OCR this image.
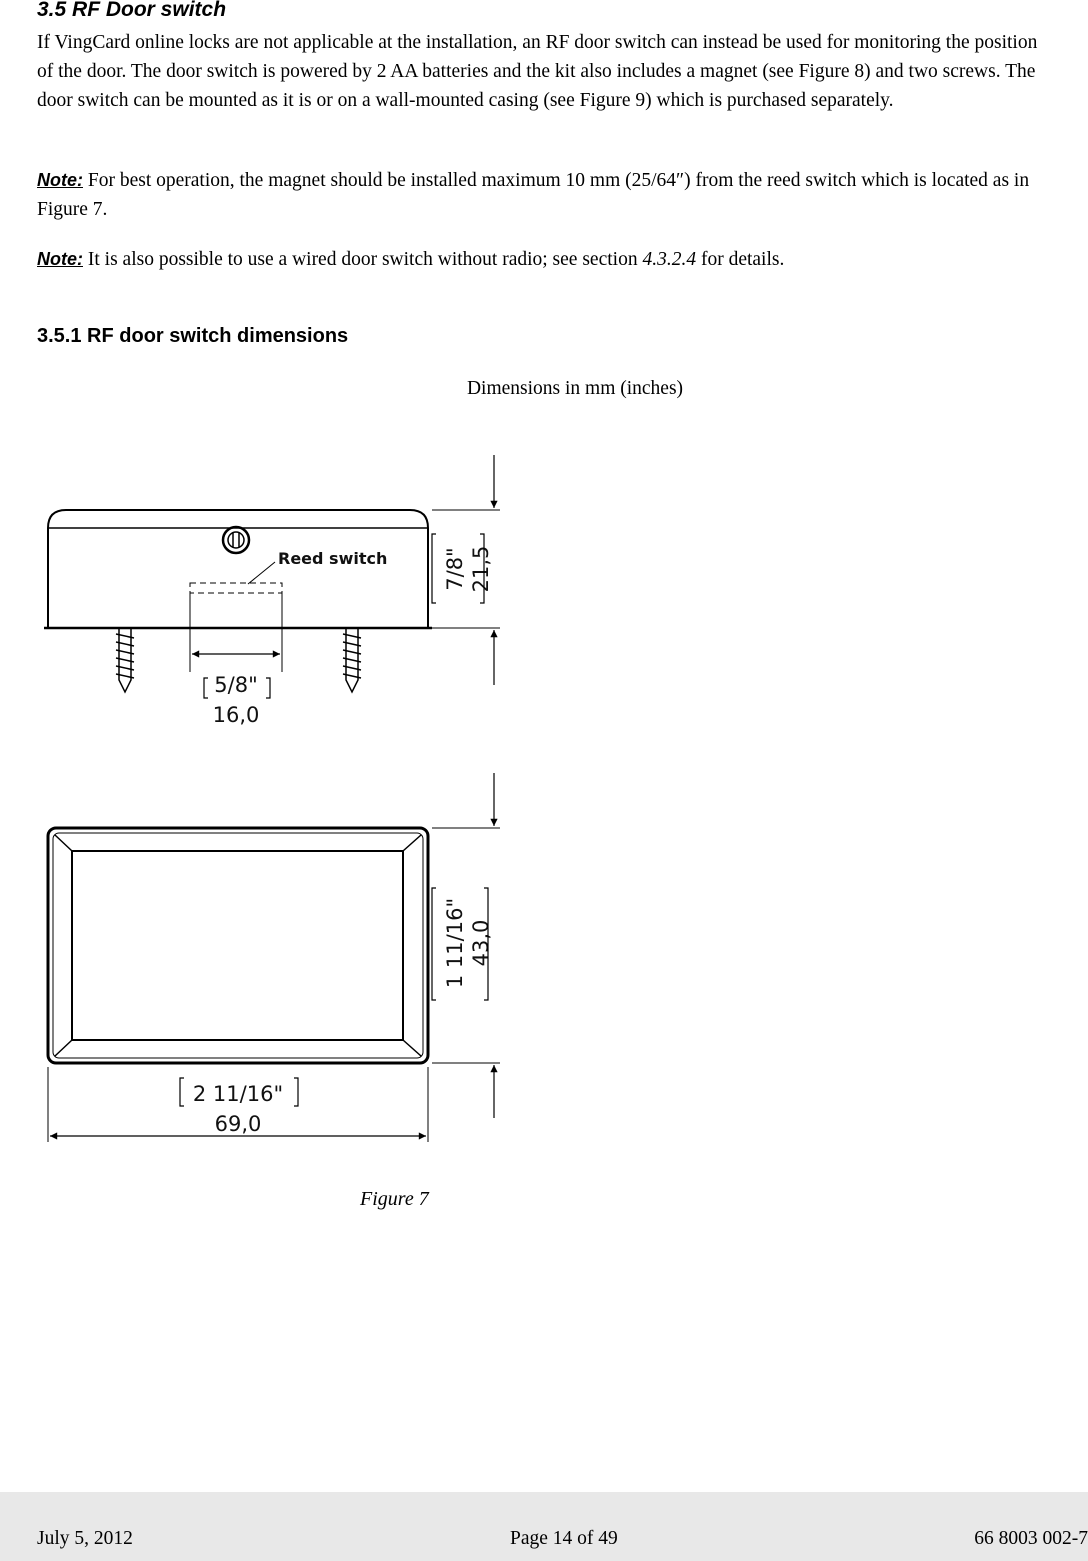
3.5 RF Door switch

If VingCard online locks are not applicable at the installation, an RF door switch can instead be used for monitoring the position of the door. The door switch is powered by 2 AA batteries and the kit also includes a magnet (see Figure 8) and two screws. The door switch can be mounted as it is or on a wall-mounted casing (see Figure 9) which is purchased separately.

Note: For best operation, the magnet should be installed maximum 10 mm (25/64″) from the reed switch which is located as in Figure 7.

Note: It is also possible to use a wired door switch without radio; see section 4.3.2.4 for details.

3.5.1 RF door switch dimensions
Dimensions in mm (inches)
Reed switch	7/8" 21,5
5/8"
16,0
1 11/16" 43,0
2 11/16"
69,0
Figure 7
July 5, 2012	Page 14 of 49	66 8003 002-7
